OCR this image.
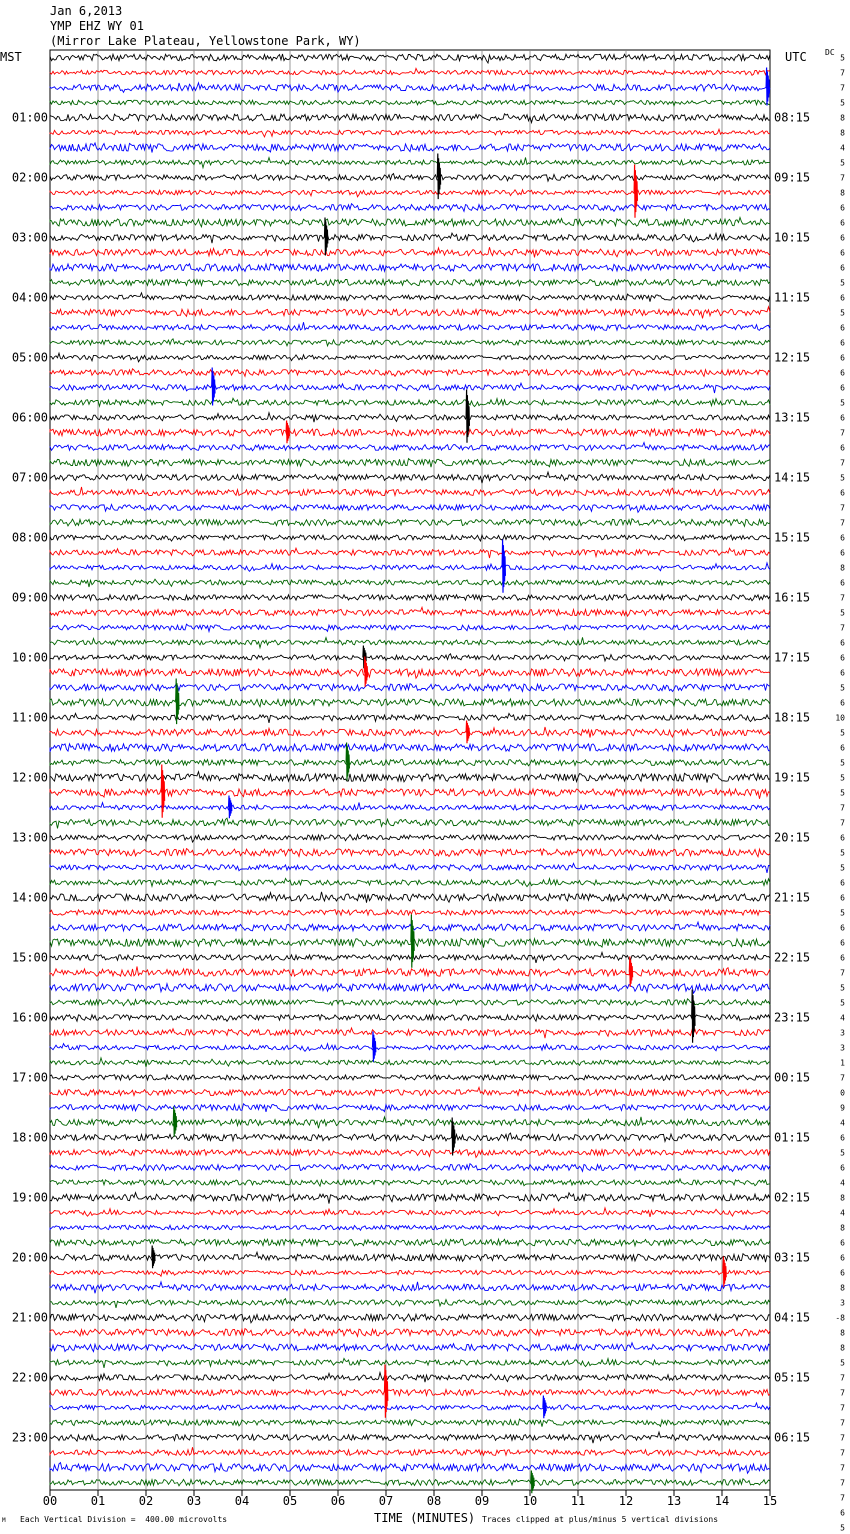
00	01	02	03	04	05	06	07	08	09	10	11	12	13	14	15
01:00
02:00
03:00
04:00
05:00
06:00
07:00
08:00
09:00
10:00
11:00
12:00
13:00
14:00
15:00
16:00
17:00
18:00
19:00
20:00
21:00
22:00
23:00
08:15
09:15
10:15
11:15
12:15
13:15
14:15
15:15
16:15
17:15
18:15
19:15
20:15
21:15
22:15
23:15
00:15
01:15
02:15
03:15
04:15
05:15
06:15
5
7
7
5
8
8
4
5
7
8
6
6
6
6
6
5
6
5
6
6
6
6
6
5
6
7
6
7
5
6
7
7
6
6
8
6
7
5
7
6
6
6
5
6
10
5
6
5
5
5
7
7
6
5
5
6
6
5
6
6
6
7
5
5
4
3
3
1
7
0
9
4
6
5
6
4
8
4
8
6
6
6
8
3
-8
8
8
5
7
7
7
7
7
7
7
7
7
6
5
Jan 6,2013
YMP EHZ WY 01
(Mirror Lake Plateau, Yellowstone Park, WY)
MST	UTC DC
TIME (MINUTES)
Each Vertical Division =  400.00 microvolts	Traces clipped at plus/minus 5 vertical divisions
M
